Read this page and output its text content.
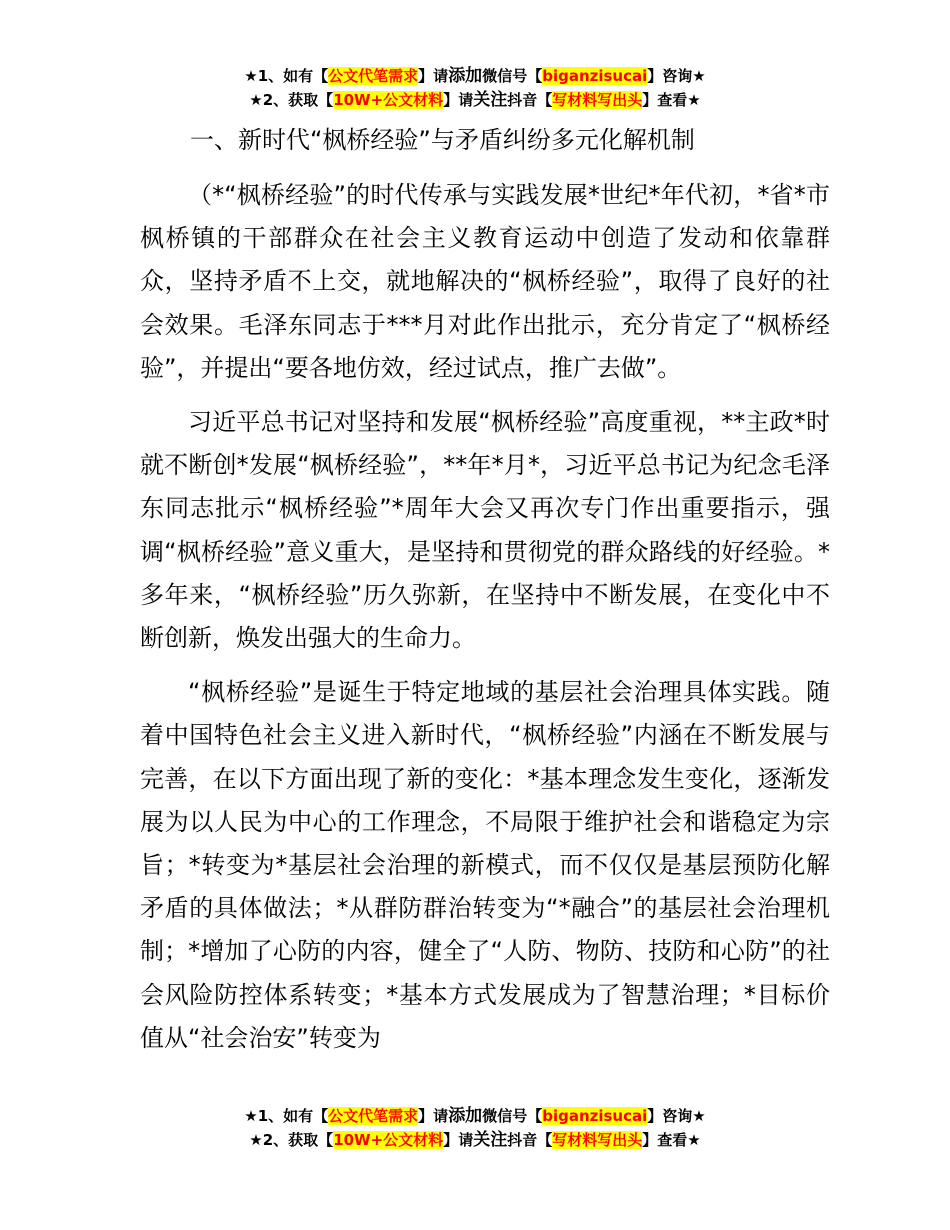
★1、如有【公文代笔需求】请添加微信号【biganzisucai】咨询★
★2、获取【10W+公文材料】请关注抖音【写材料写出头】查看★
一、新时代“枫桥经验”与矛盾纠纷多元化解机制

（*“枫桥经验”的时代传承与实践发展*世纪*年代初，*省*市枫桥镇的干部群众在社会主义教育运动中创造了发动和依靠群众，坚持矛盾不上交，就地解决的“枫桥经验”，取得了良好的社会效果。毛泽东同志于***月对此作出批示，充分肯定了“枫桥经验”，并提出“要各地仿效，经过试点，推广去做”。

习近平总书记对坚持和发展“枫桥经验”高度重视，**主政*时就不断创*发展“枫桥经验”，**年*月*，习近平总书记为纪念毛泽东同志批示“枫桥经验”*周年大会又再次专门作出重要指示，强调“枫桥经验”意义重大，是坚持和贯彻党的群众路线的好经验。*多年来，“枫桥经验”历久弥新，在坚持中不断发展，在变化中不断创新，焕发出强大的生命力。

“枫桥经验”是诞生于特定地域的基层社会治理具体实践。随着中国特色社会主义进入新时代，“枫桥经验”内涵在不断发展与完善，在以下方面出现了新的变化：*基本理念发生变化，逐渐发展为以人民为中心的工作理念，不局限于维护社会和谐稳定为宗旨；*转变为*基层社会治理的新模式，而不仅仅是基层预防化解矛盾的具体做法；*从群防群治转变为“*融合”的基层社会治理机制；*增加了心防的内容，健全了“人防、物防、技防和心防”的社会风险防控体系转变；*基本方式发展成为了智慧治理；*目标价值从“社会治安”转变为

★1、如有【公文代笔需求】请添加微信号【biganzisucai】咨询★
★2、获取【10W+公文材料】请关注抖音【写材料写出头】查看★
